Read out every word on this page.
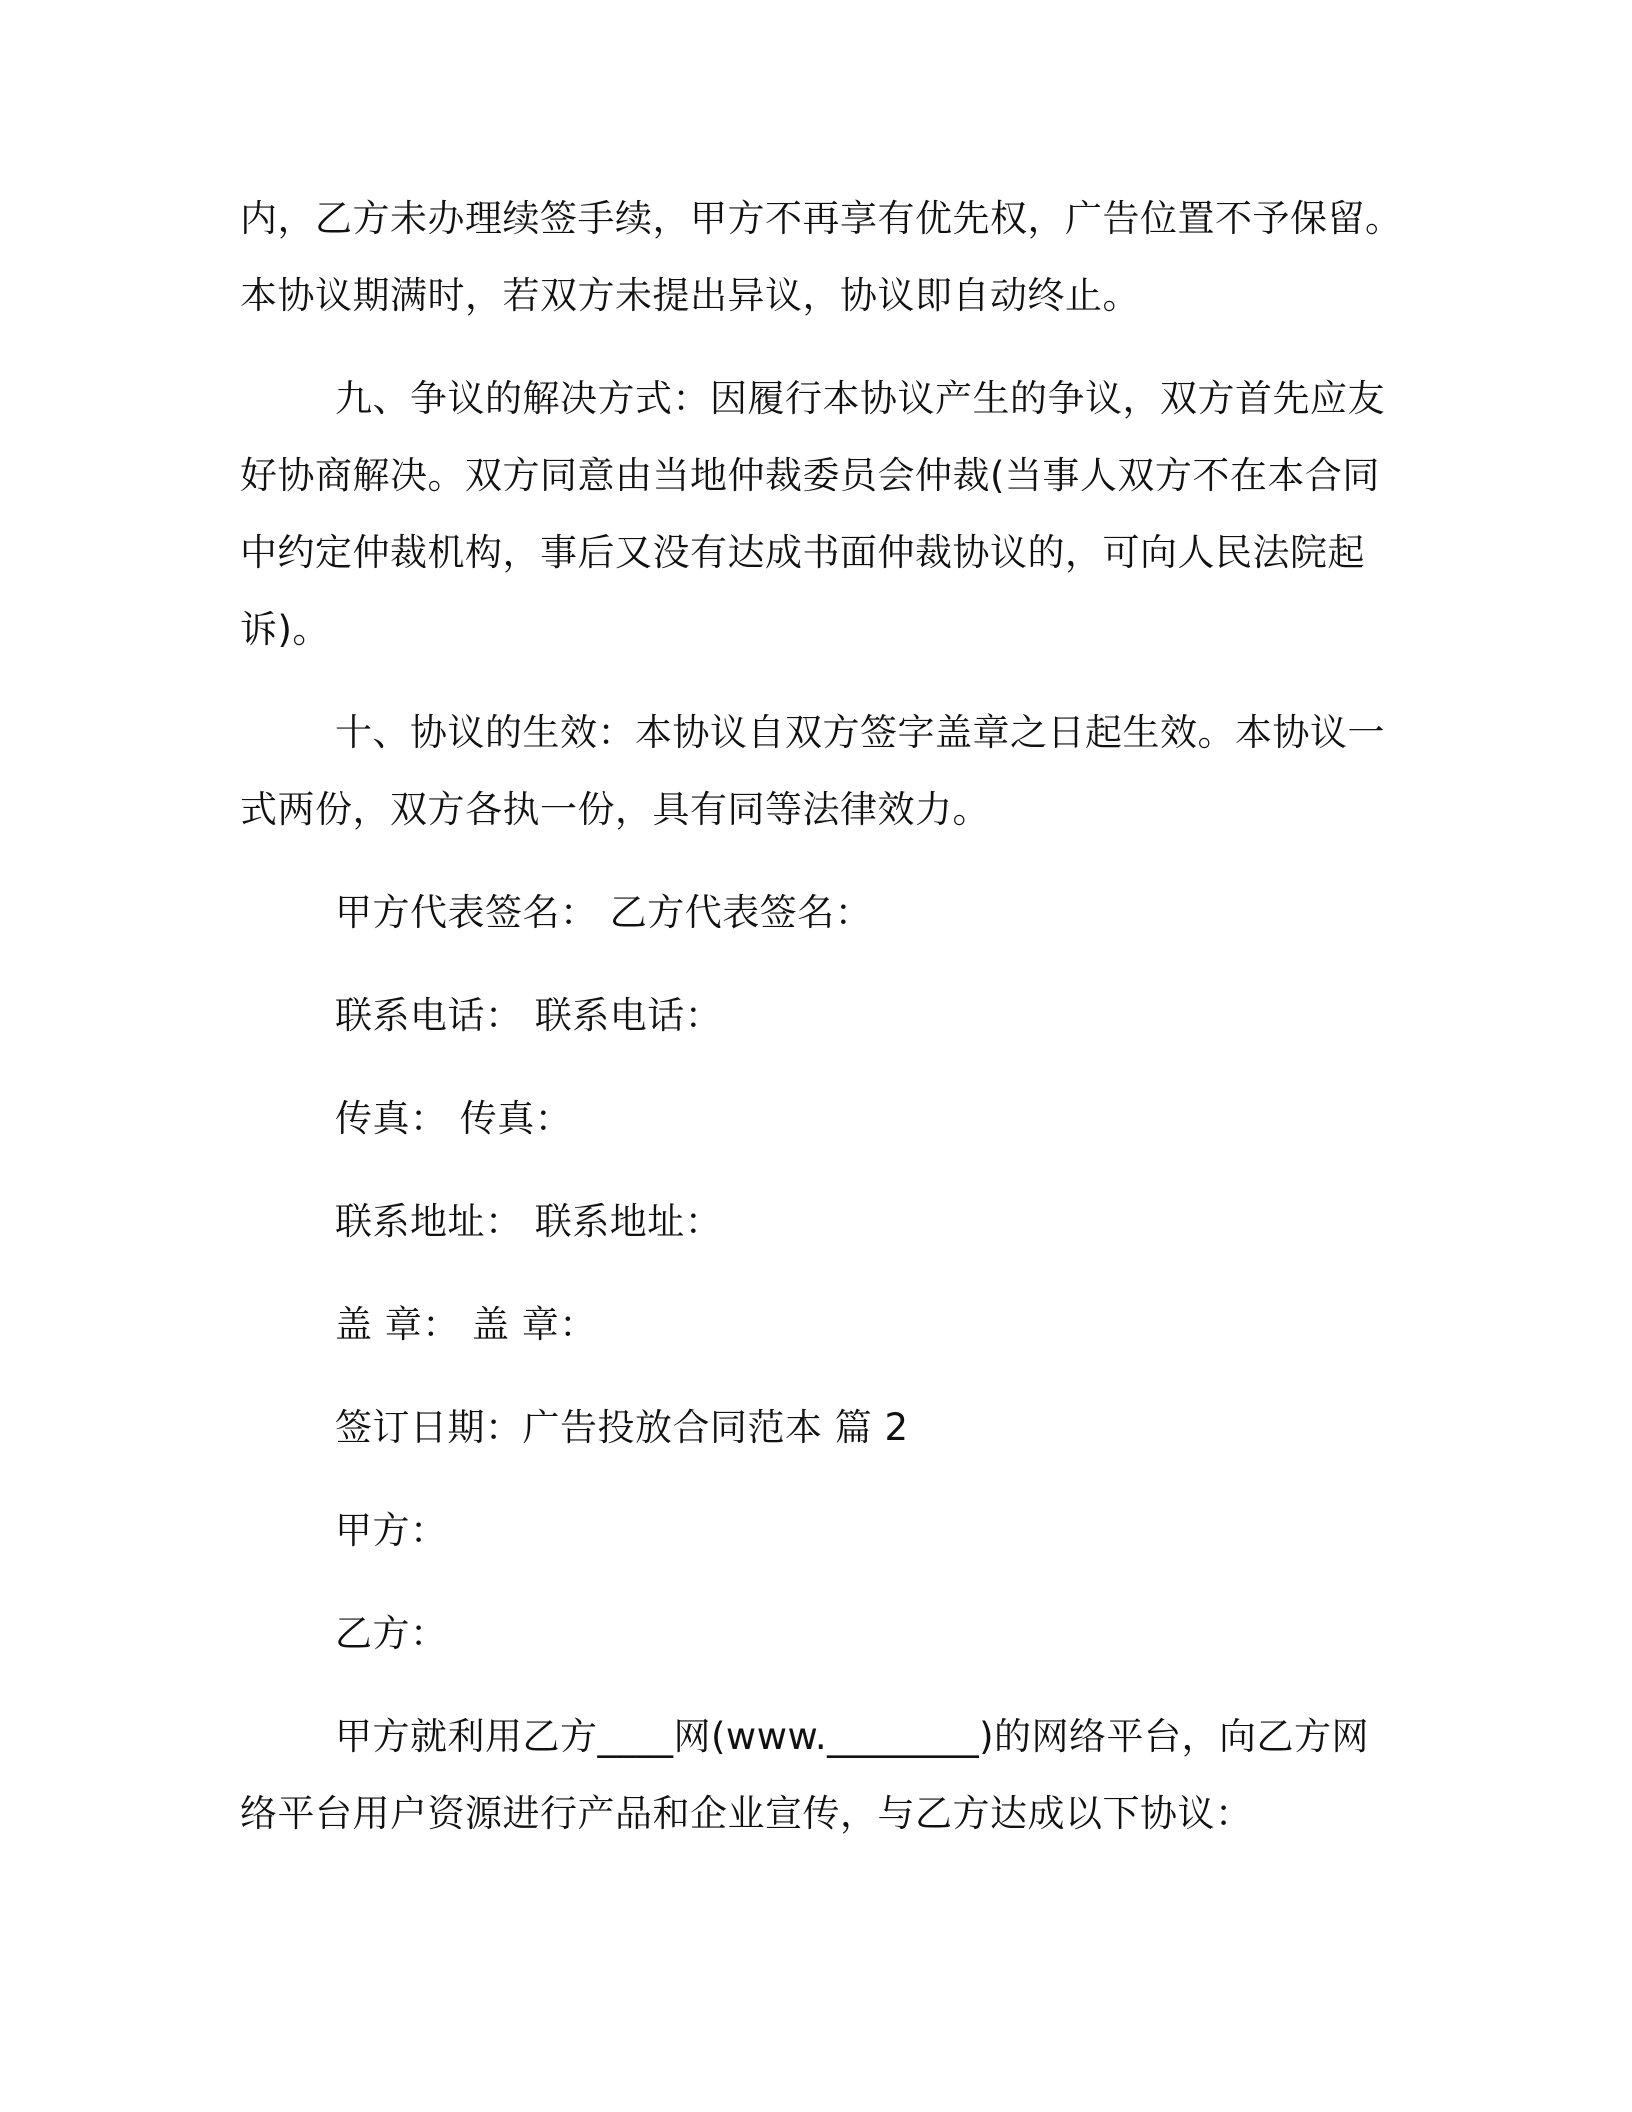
内，乙方未办理续签手续，甲方不再享有优先权，广告位置不予保留。

本协议期满时，若双方未提出异议，协议即自动终止。

九、争议的解决方式：因履行本协议产生的争议，双方首先应友

好协商解决。双方同意由当地仲裁委员会仲裁(当事人双方不在本合同

中约定仲裁机构，事后又没有达成书面仲裁协议的，可向人民法院起

诉)。

十、协议的生效：本协议自双方签字盖章之日起生效。本协议一

式两份，双方各执一份，具有同等法律效力。

甲方代表签名： 乙方代表签名：

联系电话： 联系电话：

传真： 传真：

联系地址： 联系地址：

盖 章： 盖 章：

签订日期：广告投放合同范本 篇 2

甲方：

乙方：

甲方就利用乙方____网(www.________)的网络平台，向乙方网

络平台用户资源进行产品和企业宣传，与乙方达成以下协议：
